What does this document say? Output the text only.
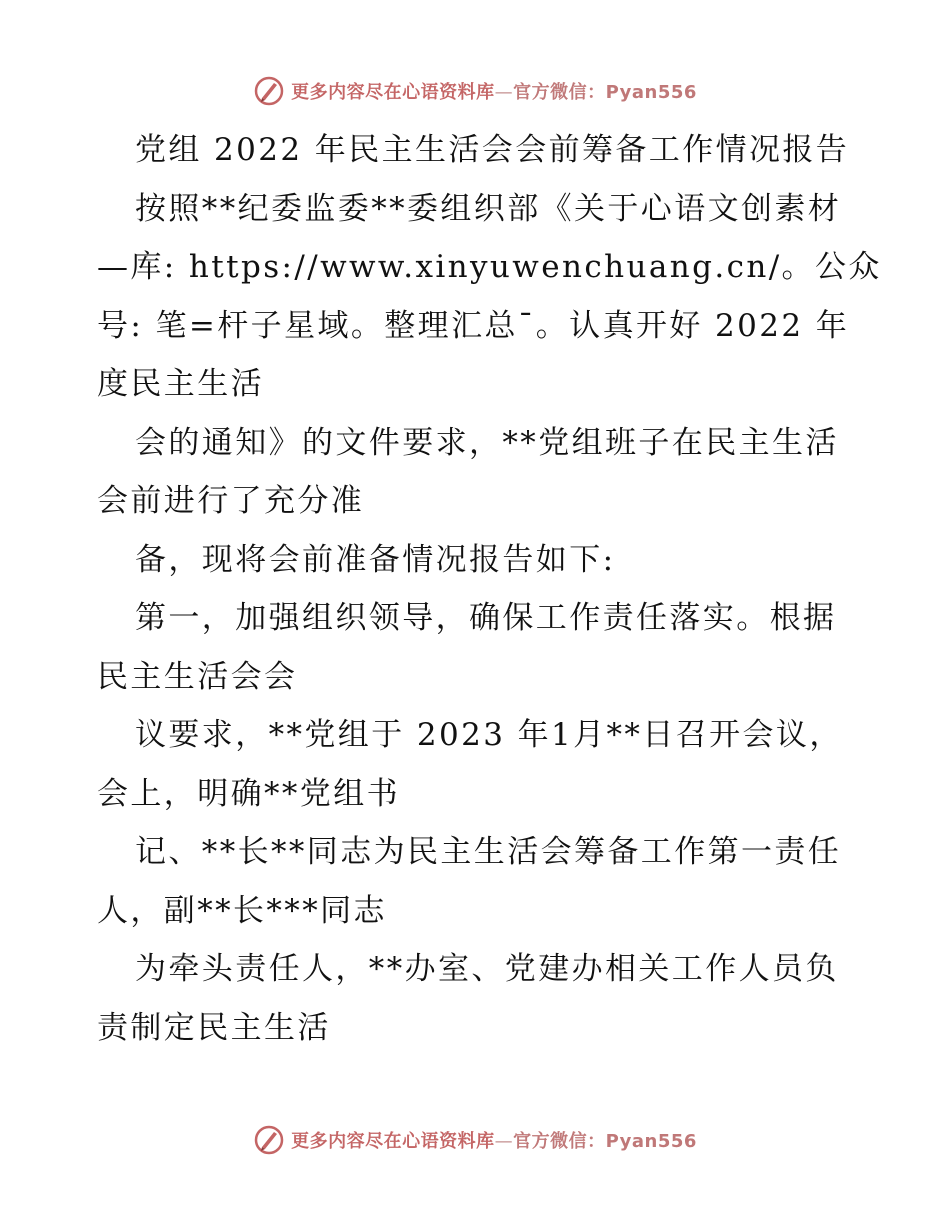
更多内容尽在心语资料库—官方微信：Pyan556
党组 2022 年民主生活会会前筹备工作情况报告
按照**纪委监委**委组织部《关于心语文创素材
—库: https://www.xinyuwenchuang.cn/。公众
号: 笔=杆子星域。整理汇总¯。认真开好 2022 年
度民主生活
会的通知》的文件要求，**党组班子在民主生活
会前进行了充分准
备，现将会前准备情况报告如下:
第一，加强组织领导，确保工作责任落实。根据
民主生活会会
议要求，**党组于 2023 年1月**日召开会议，
会上，明确**党组书
记、**长**同志为民主生活会筹备工作第一责任
人，副**长***同志
为牵头责任人，**办室、党建办相关工作人员负
责制定民主生活
更多内容尽在心语资料库—官方微信：Pyan556
